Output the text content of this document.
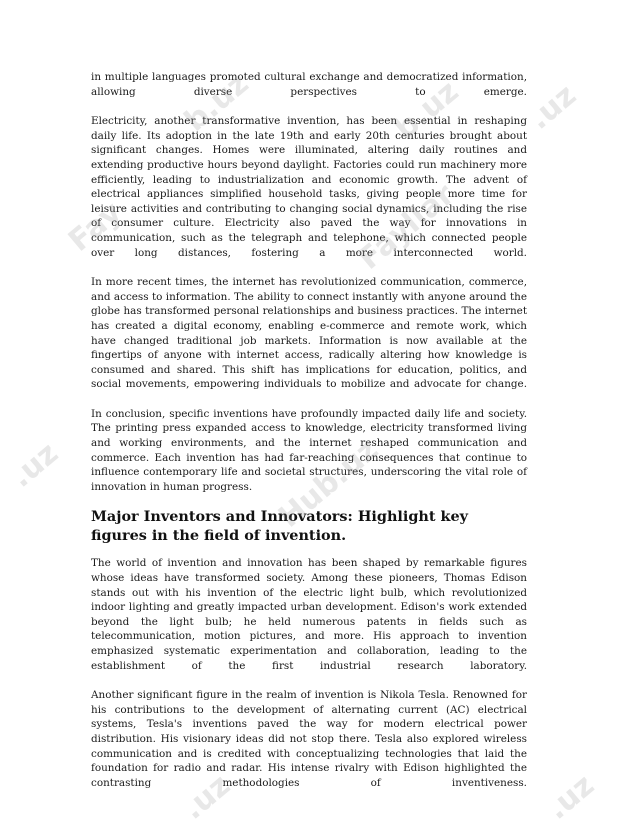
in multiple languages promoted cultural exchange and democratized information, allowing diverse perspectives to emerge.

Electricity, another transformative invention, has been essential in reshaping daily life. Its adoption in the late 19th and early 20th centuries brought about significant changes. Homes were illuminated, altering daily routines and extending productive hours beyond daylight. Factories could run machinery more efficiently, leading to industrialization and economic growth. The advent of electrical appliances simplified household tasks, giving people more time for leisure activities and contributing to changing social dynamics, including the rise of consumer culture. Electricity also paved the way for innovations in communication, such as the telegraph and telephone, which connected people over long distances, fostering a more interconnected world.

In more recent times, the internet has revolutionized communication, commerce, and access to information. The ability to connect instantly with anyone around the globe has transformed personal relationships and business practices. The internet has created a digital economy, enabling e-commerce and remote work, which have changed traditional job markets. Information is now available at the fingertips of anyone with internet access, radically altering how knowledge is consumed and shared. This shift has implications for education, politics, and social movements, empowering individuals to mobilize and advocate for change.

In conclusion, specific inventions have profoundly impacted daily life and society. The printing press expanded access to knowledge, electricity transformed living and working environments, and the internet reshaped communication and commerce. Each invention has had far-reaching consequences that continue to influence contemporary life and societal structures, underscoring the vital role of innovation in human progress.

Major Inventors and Innovators: Highlight key figures in the field of invention.

The world of invention and innovation has been shaped by remarkable figures whose ideas have transformed society. Among these pioneers, Thomas Edison stands out with his invention of the electric light bulb, which revolutionized indoor lighting and greatly impacted urban development. Edison's work extended beyond the light bulb; he held numerous patents in fields such as telecommunication, motion pictures, and more. His approach to invention emphasized systematic experimentation and collaboration, leading to the establishment of the first industrial research laboratory.

Another significant figure in the realm of invention is Nikola Tesla. Renowned for his contributions to the development of alternating current (AC) electrical systems, Tesla's inventions paved the way for modern electrical power distribution. His visionary ideas did not stop there. Tesla also explored wireless communication and is credited with conceptualizing technologies that laid the foundation for radio and radar. His intense rivalry with Edison highlighted the contrasting methodologies of inventiveness.

Fay
b.uz	.uz
Fayllar
b.uz
.uz	Hub.uz
.uz	.uz
